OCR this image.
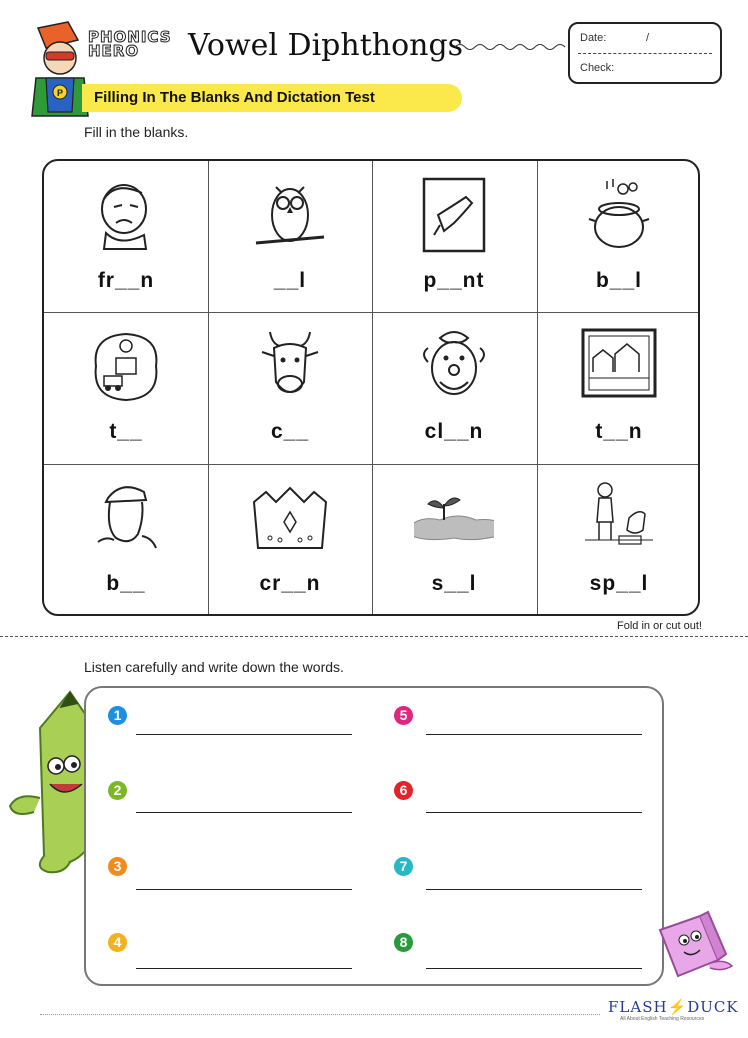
P
PHONICS
HERO	Vowel Diphthongs	Date:	/
Check:
Filling In The Blanks And Dictation Test
Fill in the blanks.
fr__n	__l	p__nt	b__l
t__	c__	cl__n	t__n
b__	cr__n	s__l	sp__l
Fold in or cut out!
Listen carefully and write down the words.
1
2
3
4
5
6
7
8
FLASH⚡DUCK
All About English Teaching Resources
